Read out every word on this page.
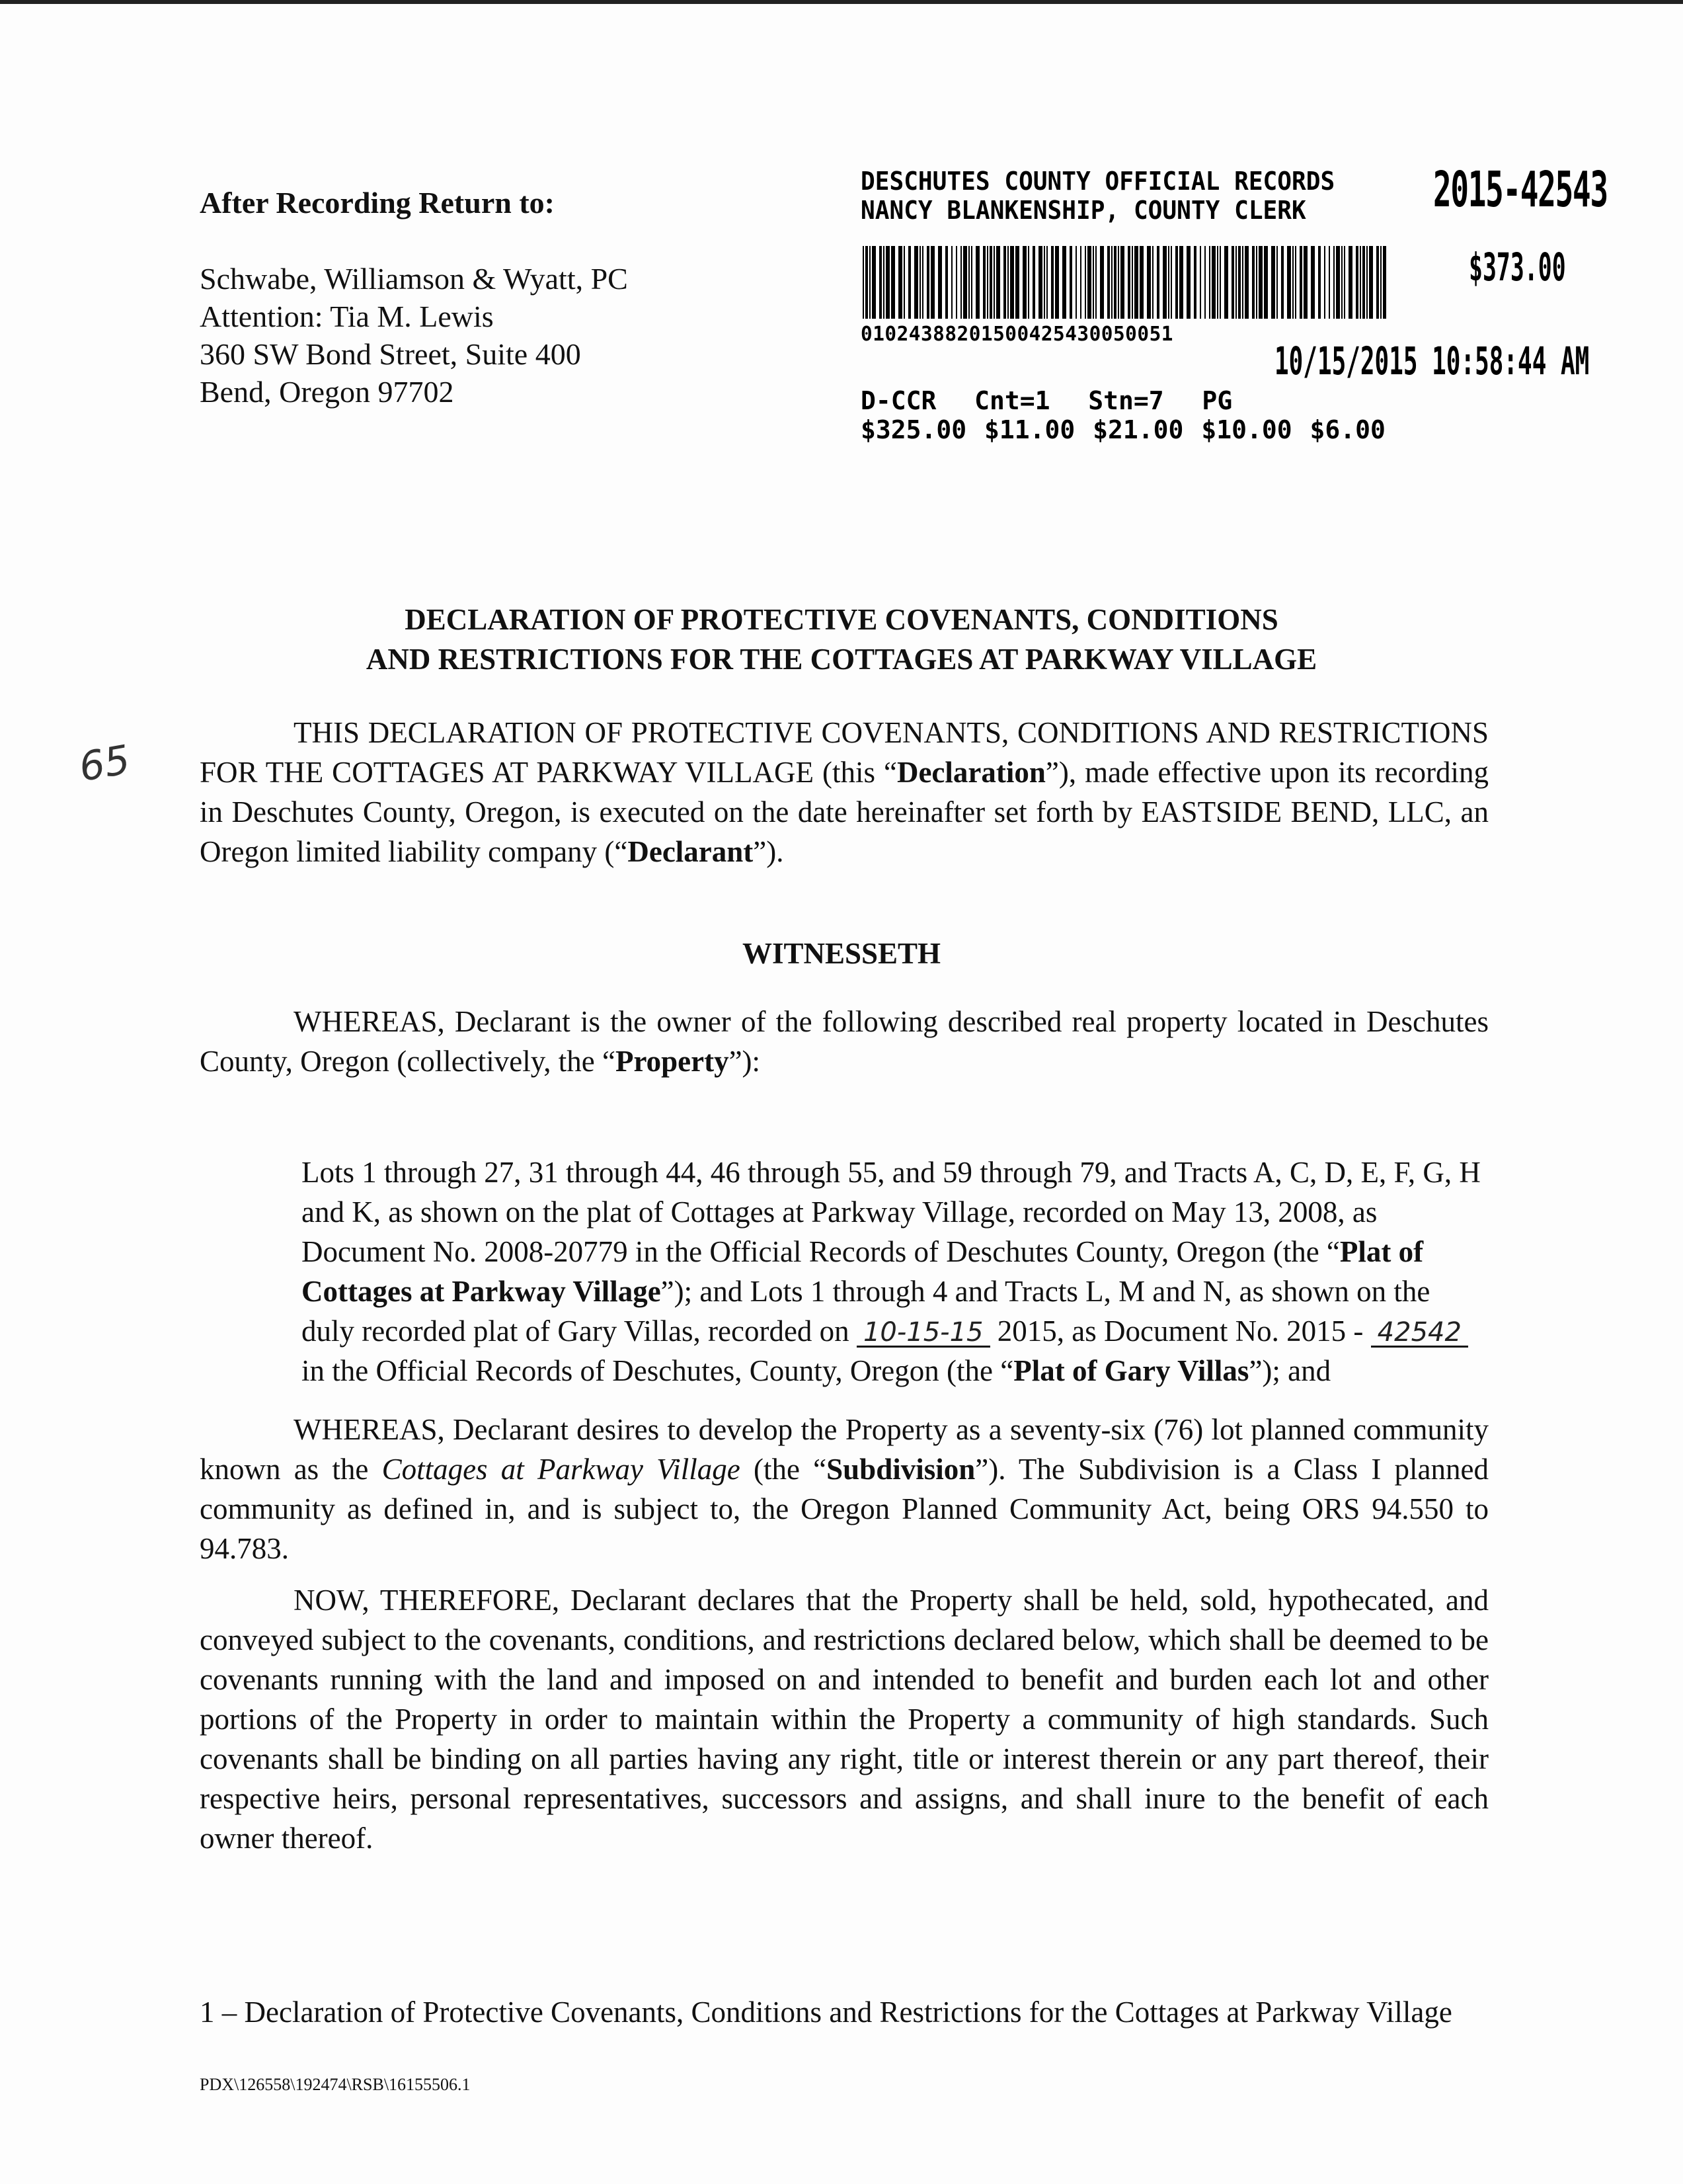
After Recording Return to:
Schwabe, Williamson & Wyatt, PC
Attention: Tia M. Lewis
360 SW Bond Street, Suite 400
Bend, Oregon 97702
DESCHUTES COUNTY OFFICIAL RECORDS
NANCY BLANKENSHIP, COUNTY CLERK	2015-42543
$373.00
01024388201500425430050051
10/15/2015 10:58:44 AM
D-CCR  Cnt=1  Stn=7  PG
$325.00 $11.00 $21.00 $10.00 $6.00
65
DECLARATION OF PROTECTIVE COVENANTS, CONDITIONS
AND RESTRICTIONS FOR THE COTTAGES AT PARKWAY VILLAGE

THIS DECLARATION OF PROTECTIVE COVENANTS, CONDITIONS AND RESTRICTIONS FOR THE COTTAGES AT PARKWAY VILLAGE (this “Declaration”), made effective upon its recording in Deschutes County, Oregon, is executed on the date hereinafter set forth by EASTSIDE BEND, LLC, an Oregon limited liability company (“Declarant”).

WITNESSETH

WHEREAS, Declarant is the owner of the following described real property located in Deschutes County, Oregon (collectively, the “Property”):

Lots 1 through 27, 31 through 44, 46 through 55, and 59 through 79, and Tracts A, C, D, E, F, G, H and K, as shown on the plat of Cottages at Parkway Village, recorded on May 13, 2008, as Document No. 2008-20779 in the Official Records of Deschutes County, Oregon (the “Plat of Cottages at Parkway Village”); and Lots 1 through 4 and Tracts L, M and N, as shown on the duly recorded plat of Gary Villas, recorded on 10-15-15 2015, as Document No. 2015 - 42542 in the Official Records of Deschutes, County, Oregon (the “Plat of Gary Villas”); and

WHEREAS, Declarant desires to develop the Property as a seventy-six (76) lot planned community known as the Cottages at Parkway Village (the “Subdivision”). The Subdivision is a Class I planned community as defined in, and is subject to, the Oregon Planned Community Act, being ORS 94.550 to 94.783.

NOW, THEREFORE, Declarant declares that the Property shall be held, sold, hypothecated, and conveyed subject to the covenants, conditions, and restrictions declared below, which shall be deemed to be covenants running with the land and imposed on and intended to benefit and burden each lot and other portions of the Property in order to maintain within the Property a community of high standards. Such covenants shall be binding on all parties having any right, title or interest therein or any part thereof, their respective heirs, personal representatives, successors and assigns, and shall inure to the benefit of each owner thereof.

1 – Declaration of Protective Covenants, Conditions and Restrictions for the Cottages at Parkway Village
PDX\126558\192474\RSB\16155506.1
